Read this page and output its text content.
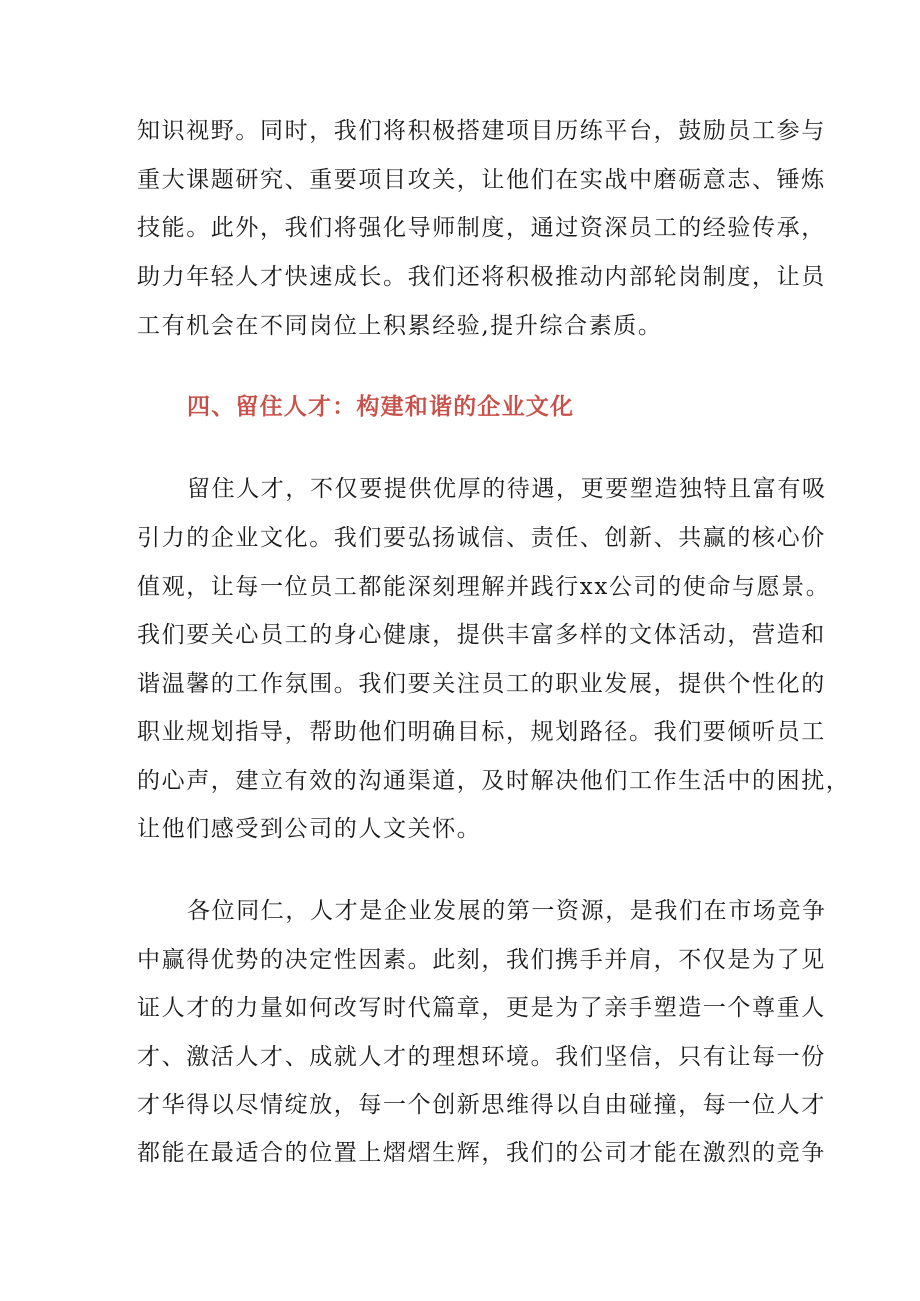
知识视野。同时，我们将积极搭建项目历练平台，鼓励员工参与

重大课题研究、重要项目攻关，让他们在实战中磨砺意志、锤炼

技能。此外，我们将强化导师制度，通过资深员工的经验传承，

助力年轻人才快速成长。我们还将积极推动内部轮岗制度，让员

工有机会在不同岗位上积累经验,提升综合素质。

四、留住人才：构建和谐的企业文化

留住人才，不仅要提供优厚的待遇，更要塑造独特且富有吸

引力的企业文化。我们要弘扬诚信、责任、创新、共赢的核心价

值观，让每一位员工都能深刻理解并践行xx公司的使命与愿景。

我们要关心员工的身心健康，提供丰富多样的文体活动，营造和

谐温馨的工作氛围。我们要关注员工的职业发展，提供个性化的

职业规划指导，帮助他们明确目标，规划路径。我们要倾听员工

的心声，建立有效的沟通渠道，及时解决他们工作生活中的困扰，

让他们感受到公司的人文关怀。

各位同仁，人才是企业发展的第一资源，是我们在市场竞争

中赢得优势的决定性因素。此刻，我们携手并肩，不仅是为了见

证人才的力量如何改写时代篇章，更是为了亲手塑造一个尊重人

才、激活人才、成就人才的理想环境。我们坚信，只有让每一份

才华得以尽情绽放，每一个创新思维得以自由碰撞，每一位人才

都能在最适合的位置上熠熠生辉，我们的公司才能在激烈的竞争
